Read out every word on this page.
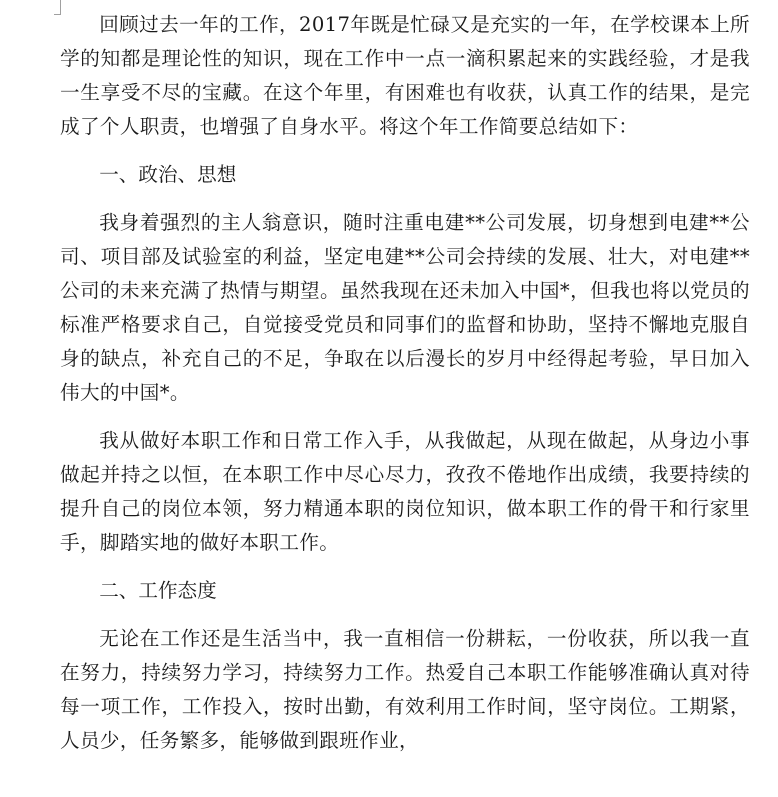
回顾过去一年的工作，2017年既是忙碌又是充实的一年，在学校课本上所学的知都是理论性的知识，现在工作中一点一滴积累起来的实践经验，才是我一生享受不尽的宝藏。在这个年里，有困难也有收获，认真工作的结果，是完成了个人职责，也增强了自身水平。将这个年工作简要总结如下：

一、政治、思想

我身着强烈的主人翁意识，随时注重电建**公司发展，切身想到电建**公司、项目部及试验室的利益，坚定电建**公司会持续的发展、壮大，对电建**公司的未来充满了热情与期望。虽然我现在还未加入中国*，但我也将以党员的标准严格要求自己，自觉接受党员和同事们的监督和协助，坚持不懈地克服自身的缺点，补充自己的不足，争取在以后漫长的岁月中经得起考验，早日加入伟大的中国*。

我从做好本职工作和日常工作入手，从我做起，从现在做起，从身边小事做起并持之以恒，在本职工作中尽心尽力，孜孜不倦地作出成绩，我要持续的提升自己的岗位本领，努力精通本职的岗位知识，做本职工作的骨干和行家里手，脚踏实地的做好本职工作。

二、工作态度

无论在工作还是生活当中，我一直相信一份耕耘，一份收获，所以我一直在努力，持续努力学习，持续努力工作。热爱自己本职工作能够准确认真对待每一项工作，工作投入，按时出勤，有效利用工作时间，坚守岗位。工期紧，人员少，任务繁多，能够做到跟班作业，
